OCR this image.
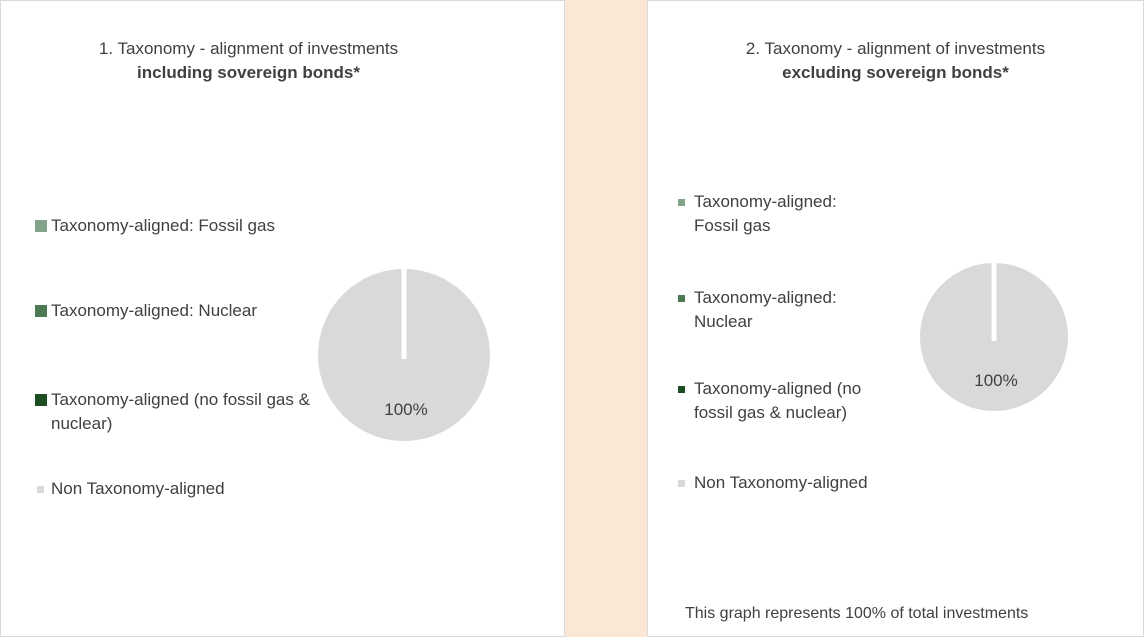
1. Taxonomy - alignment of investments
including sovereign bonds*
Taxonomy-aligned: Fossil gas
Taxonomy-aligned: Nuclear
Taxonomy-aligned (no fossil gas & nuclear)
Non Taxonomy-aligned
100%
2. Taxonomy - alignment of investments
excluding sovereign bonds*
Taxonomy-aligned: Fossil gas
Taxonomy-aligned: Nuclear
Taxonomy-aligned (no fossil gas & nuclear)
Non Taxonomy-aligned
100%
This graph represents 100% of total investments
